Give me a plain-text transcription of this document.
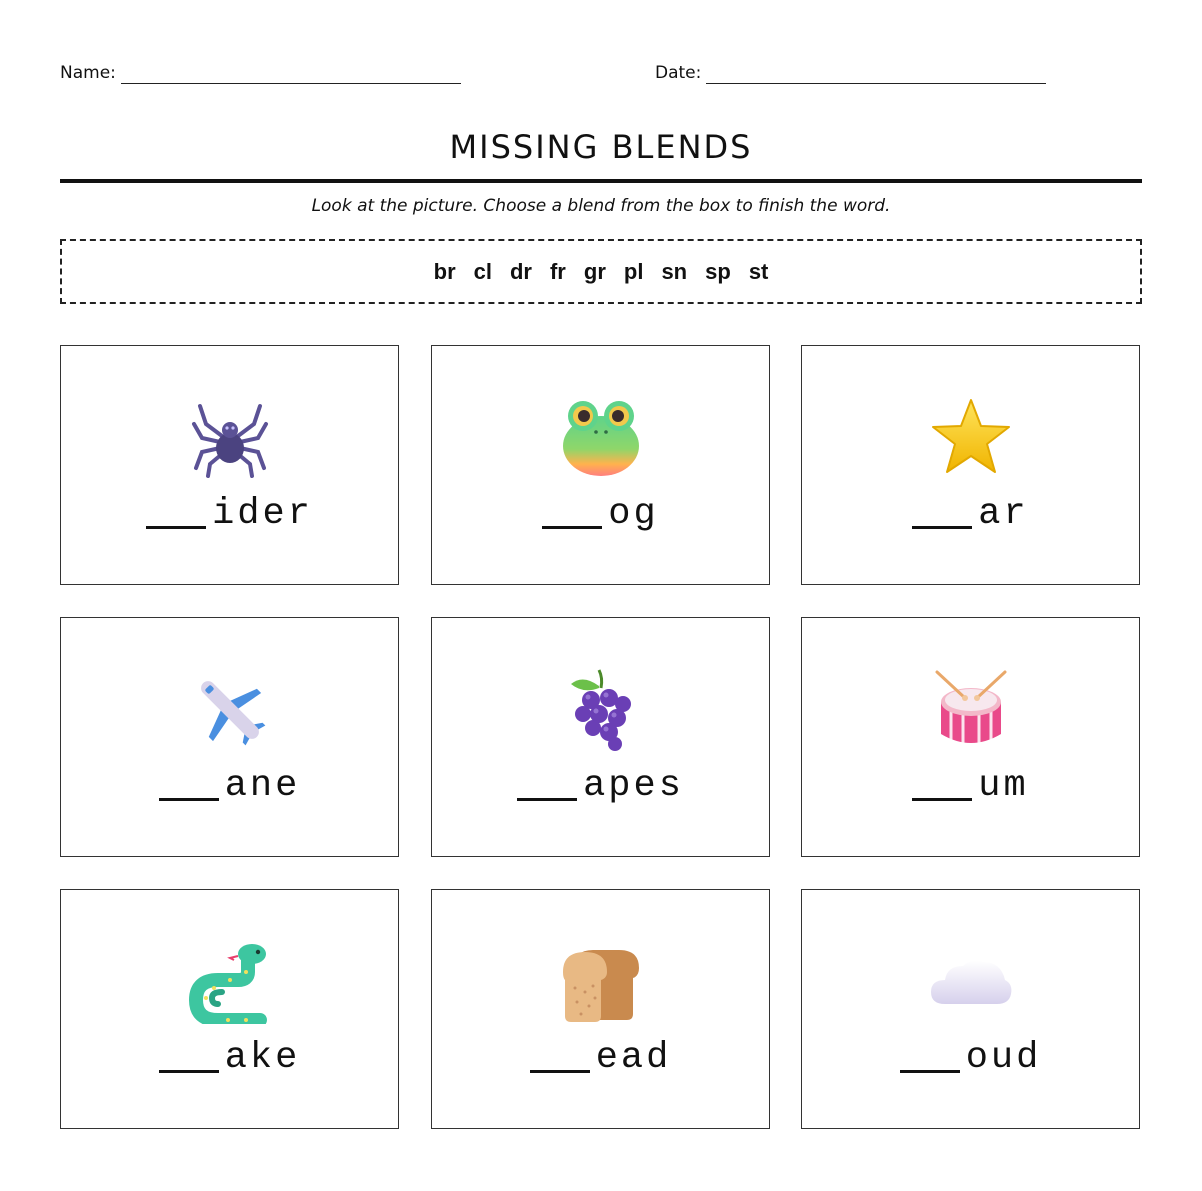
Name:	Date:
MISSING BLENDS
Look at the picture. Choose a blend from the box to finish the word.
br cl dr fr gr pl sn sp st
ider	og	ar
ane	apes	um
ake	ead	oud
